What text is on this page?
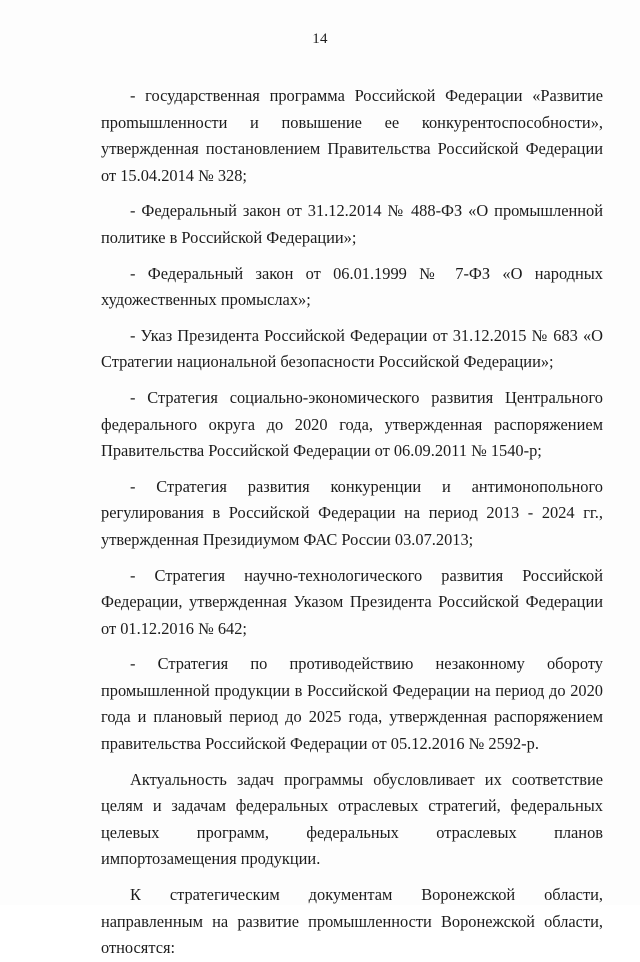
14

- государственная программа Российской Федерации «Развитие проmышленности и повышение ее конкурентоспособности», утвержденная постановлением Правительства Российской Федерации от 15.04.2014 № 328;

- Федеральный закон от 31.12.2014 № 488-ФЗ «О промышленной политике в Российской Федерации»;

- Федеральный закон от 06.01.1999 № 7-ФЗ «О народных художественных промыслах»;

- Указ Президента Российской Федерации от 31.12.2015 № 683 «О Стратегии национальной безопасности Российской Федерации»;

- Стратегия социально-экономического развития Центрального федерального округа до 2020 года, утвержденная распоряжением Правительства Российской Федерации от 06.09.2011 № 1540-р;

- Стратегия развития конкуренции и антимонопольного регулирования в Российской Федерации на период 2013 - 2024 гг., утвержденная Президиумом ФАС России 03.07.2013;

- Стратегия научно-технологического развития Российской Федерации, утвержденная Указом Президента Российской Федерации от 01.12.2016 № 642;

- Стратегия по противодействию незаконному обороту промышленной продукции в Российской Федерации на период до 2020 года и плановый период до 2025 года, утвержденная распоряжением правительства Российской Федерации от 05.12.2016 № 2592-р.

Актуальность задач программы обусловливает их соответствие целям и задачам федеральных отраслевых стратегий, федеральных целевых программ, федеральных отраслевых планов импортозамещения продукции.

К стратегическим документам Воронежской области, направленным на развитие промышленности Воронежской области, относятся:
